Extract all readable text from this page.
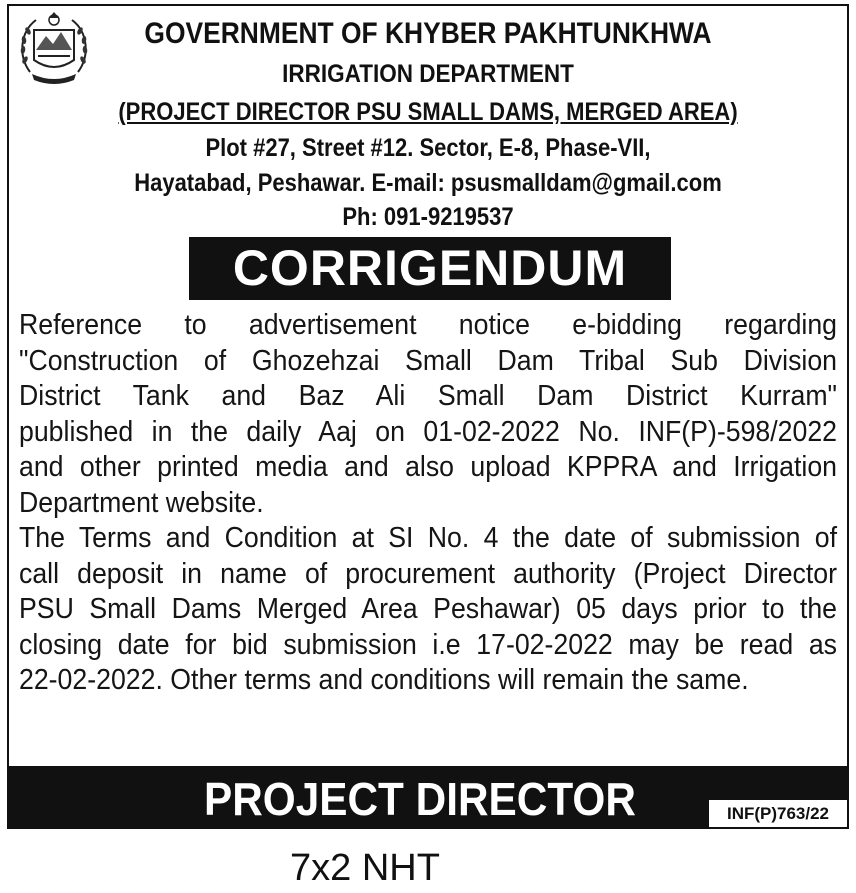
GOVERNMENT OF KHYBER PAKHTUNKHWA
IRRIGATION DEPARTMENT
(PROJECT DIRECTOR PSU SMALL DAMS, MERGED AREA)
Plot #27, Street #12. Sector, E-8, Phase-VII,
Hayatabad, Peshawar. E-mail: psusmalldam@gmail.com
Ph: 091-9219537
CORRIGENDUM
Reference to advertisement notice e-bidding regarding
"Construction of Ghozehzai Small Dam Tribal Sub Division
District Tank and Baz Ali Small Dam District Kurram"
published in the daily Aaj on 01-02-2022 No. INF(P)-598/2022
and other printed media and also upload KPPRA and Irrigation
Department website.
The Terms and Condition at SI No. 4 the date of submission of
call deposit in name of procurement authority (Project Director
PSU Small Dams Merged Area Peshawar) 05 days prior to the
closing date for bid submission i.e 17-02-2022 may be read as
22-02-2022. Other terms and conditions will remain the same.
PROJECT DIRECTOR	INF(P)763/22
7x2 NHT
